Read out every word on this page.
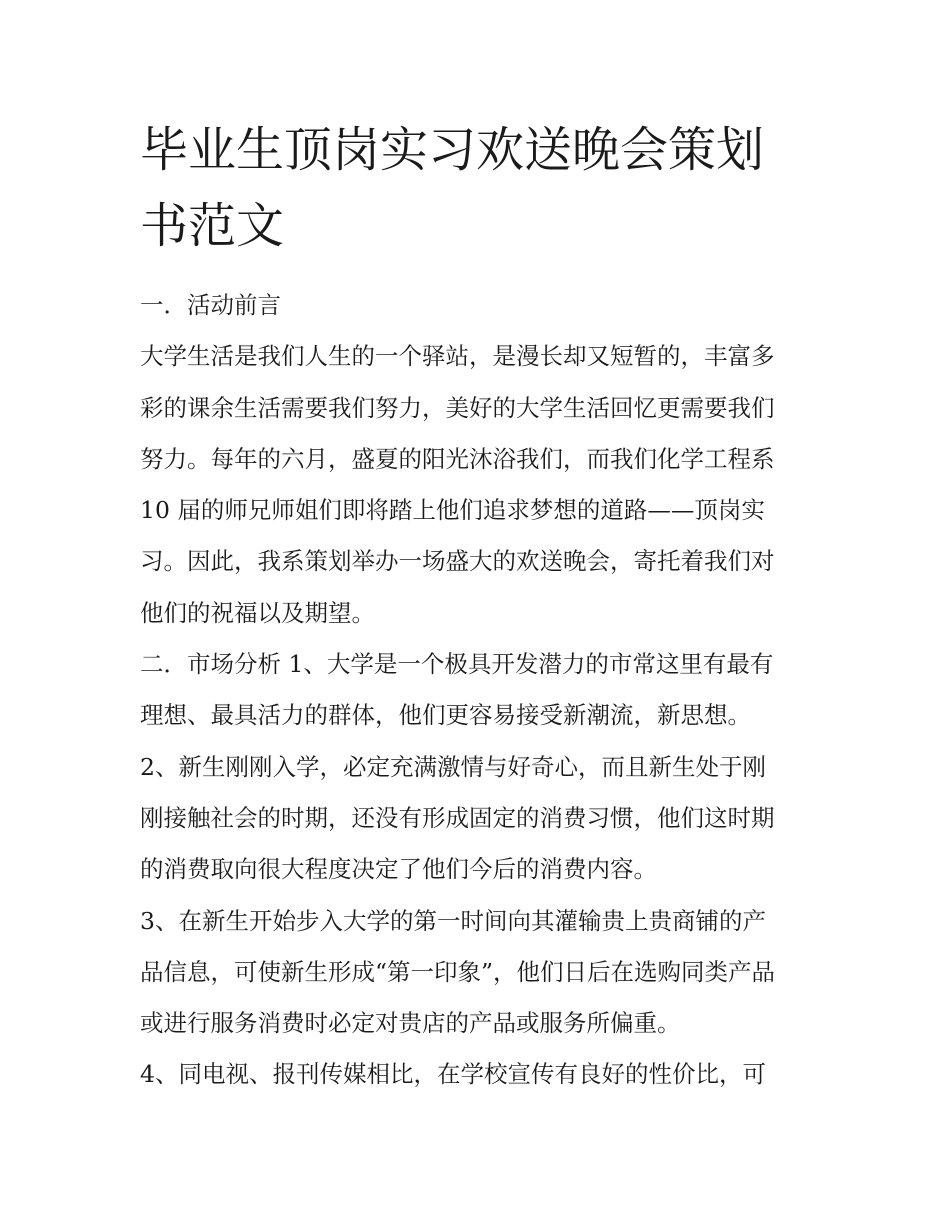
毕业生顶岗实习欢送晚会策划
书范文

一．活动前言

大学生活是我们人生的一个驿站，是漫长却又短暂的，丰富多

彩的课余生活需要我们努力，美好的大学生活回忆更需要我们

努力。每年的六月，盛夏的阳光沐浴我们，而我们化学工程系

10 届的师兄师姐们即将踏上他们追求梦想的道路——顶岗实

习。因此，我系策划举办一场盛大的欢送晚会，寄托着我们对

他们的祝福以及期望。

二．市场分析 1、大学是一个极具开发潜力的市常这里有最有

理想、最具活力的群体，他们更容易接受新潮流，新思想。

2、新生刚刚入学，必定充满激情与好奇心，而且新生处于刚

刚接触社会的时期，还没有形成固定的消费习惯，他们这时期

的消费取向很大程度决定了他们今后的消费内容。

3、在新生开始步入大学的第一时间向其灌输贵上贵商铺的产

品信息，可使新生形成“第一印象”，他们日后在选购同类产品

或进行服务消费时必定对贵店的产品或服务所偏重。

4、同电视、报刊传媒相比，在学校宣传有良好的性价比，可
